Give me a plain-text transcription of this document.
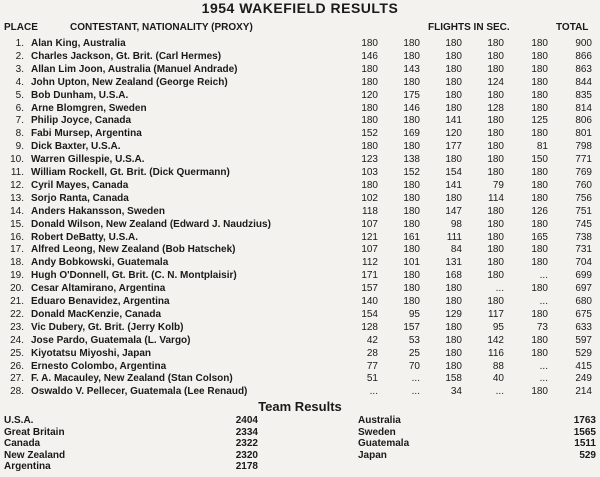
1954 WAKEFIELD RESULTS
PLACE	CONTESTANT, NATIONALITY (PROXY)	FLIGHTS IN SEC.	TOTAL
1. Alan King, Australia	180	180	180	180	180	900
2. Charles Jackson, Gt. Brit. (Carl Hermes)	146	180	180	180	180	866
3. Allan Lim Joon, Australia (Manuel Andrade)	180	143	180	180	180	863
4. John Upton, New Zealand (George Reich)	180	180	180	124	180	844
5. Bob Dunham, U.S.A.	120	175	180	180	180	835
6. Arne Blomgren, Sweden	180	146	180	128	180	814
7. Philip Joyce, Canada	180	180	141	180	125	806
8. Fabi Mursep, Argentina	152	169	120	180	180	801
9. Dick Baxter, U.S.A.	180	180	177	180	81	798
10. Warren Gillespie, U.S.A.	123	138	180	180	150	771
11. William Rockell, Gt. Brit. (Dick Quermann)	103	152	154	180	180	769
12. Cyril Mayes, Canada	180	180	141	79	180	760
13. Sorjo Ranta, Canada	102	180	180	114	180	756
14. Anders Hakansson, Sweden	118	180	147	180	126	751
15. Donald Wilson, New Zealand (Edward J. Naudzius)	107	180	98	180	180	745
16. Robert DeBatty, U.S.A.	121	161	111	180	165	738
17. Alfred Leong, New Zealand (Bob Hatschek)	107	180	84	180	180	731
18. Andy Bobkowski, Guatemala	112	101	131	180	180	704
19. Hugh O'Donnell, Gt. Brit. (C. N. Montplaisir)	171	180	168	180	...	699
20. Cesar Altamirano, Argentina	157	180	180	...	180	697
21. Eduaro Benavidez, Argentina	140	180	180	180	...	680
22. Donald MacKenzie, Canada	154	95	129	117	180	675
23. Vic Dubery, Gt. Brit. (Jerry Kolb)	128	157	180	95	73	633
24. Jose Pardo, Guatemala (L. Vargo)	42	53	180	142	180	597
25. Kiyotatsu Miyoshi, Japan	28	25	180	116	180	529
26. Ernesto Colombo, Argentina	77	70	180	88	...	415
27. F. A. Macauley, New Zealand (Stan Colson)	51	...	158	40	...	249
28. Oswaldo V. Pellecer, Guatemala (Lee Renaud)	...	...	34	...	180	214
Team Results
U.S.A.	2404
Great Britain	2334
Canada	2322
New Zealand	2320
Argentina	2178
Australia	1763
Sweden	1565
Guatemala	1511
Japan	529
